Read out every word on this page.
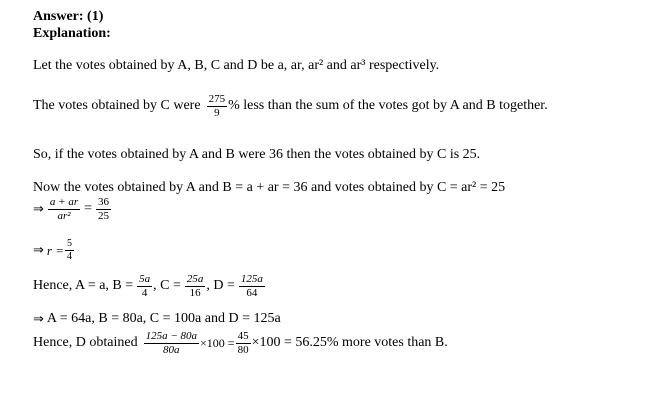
Answer: (1)
Explanation:
Let the votes obtained by A, B, C and D be a, ar, ar² and ar³ respectively.
The votes obtained by C were $\frac{275}{9}$ % less than the sum of the votes got by A and B together.
So, if the votes obtained by A and B were 36 then the votes obtained by C is 25.
Now the votes obtained by A and B = a + ar = 36 and votes obtained by C = ar² = 25
⇒ $\frac{a + ar}{\text{ar²}} = \frac{36}{25}$
⇒ $r = \frac{5}{4}$
Hence, A = a, $B = \frac{5a}{4}$ , $C = \frac{25a}{16}$ , $D = \frac{125a}{64}$
⇒ A = 64a, B = 80a, C = 100a and D = 125a
Hence, D obtained $\frac{125a - 80a}{80a} \times 100 = \frac{45}{80} \times 100 = 56.25\%$ more votes than B.
